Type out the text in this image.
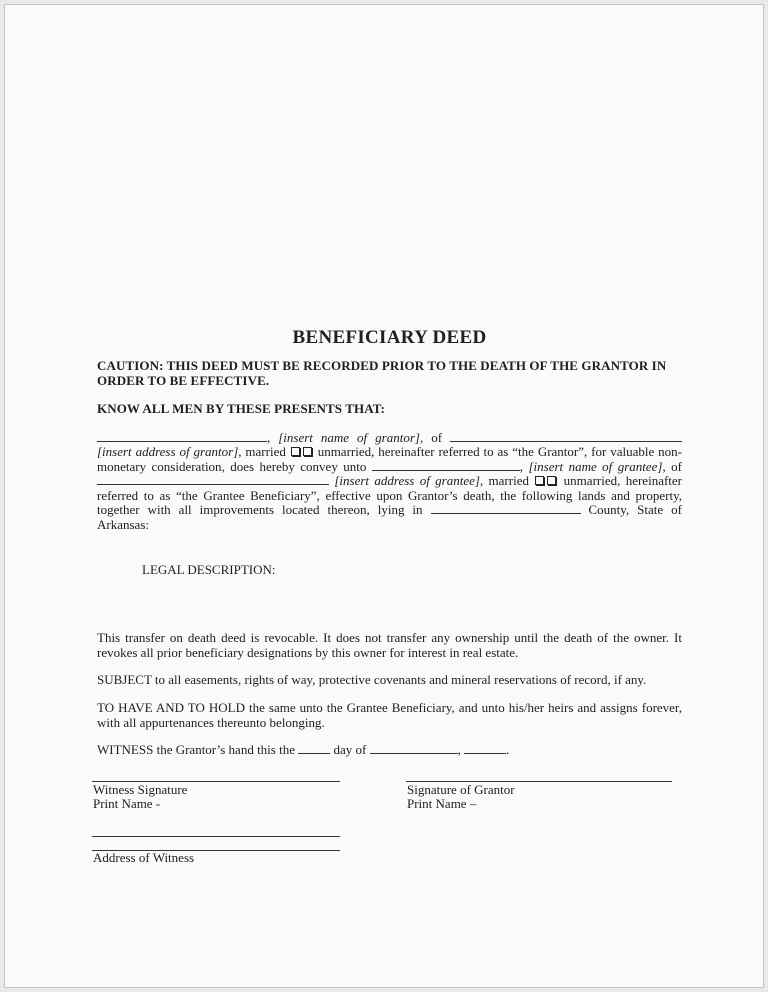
BENEFICIARY DEED

CAUTION: THIS DEED MUST BE RECORDED PRIOR TO THE DEATH OF THE GRANTOR IN ORDER TO BE EFFECTIVE.

KNOW ALL MEN BY THESE PRESENTS THAT:

, [insert name of grantor], of  [insert address of grantor], married  unmarried, hereinafter referred to as “the Grantor”, for valuable non-monetary consideration, does hereby convey unto	, [insert name of grantee], of  [insert address of grantee], married  unmarried, hereinafter referred to as “the Grantee Beneficiary”, effective upon Grantor’s death, the following lands and property, together with all improvements located thereon, lying in	County, State of Arkansas:

LEGAL DESCRIPTION:

This transfer on death deed is revocable. It does not transfer any ownership until the death of the owner. It revokes all prior beneficiary designations by this owner for interest in real estate.

SUBJECT to all easements, rights of way, protective covenants and mineral reservations of record, if any.

TO HAVE AND TO HOLD the same unto the Grantee Beneficiary, and unto his/her heirs and assigns forever, with all appurtenances thereunto belonging.

WITNESS the Grantor’s hand this the  day of	,	.

Witness Signature
Print Name -
Signature of Grantor
Print Name –
Address of Witness
